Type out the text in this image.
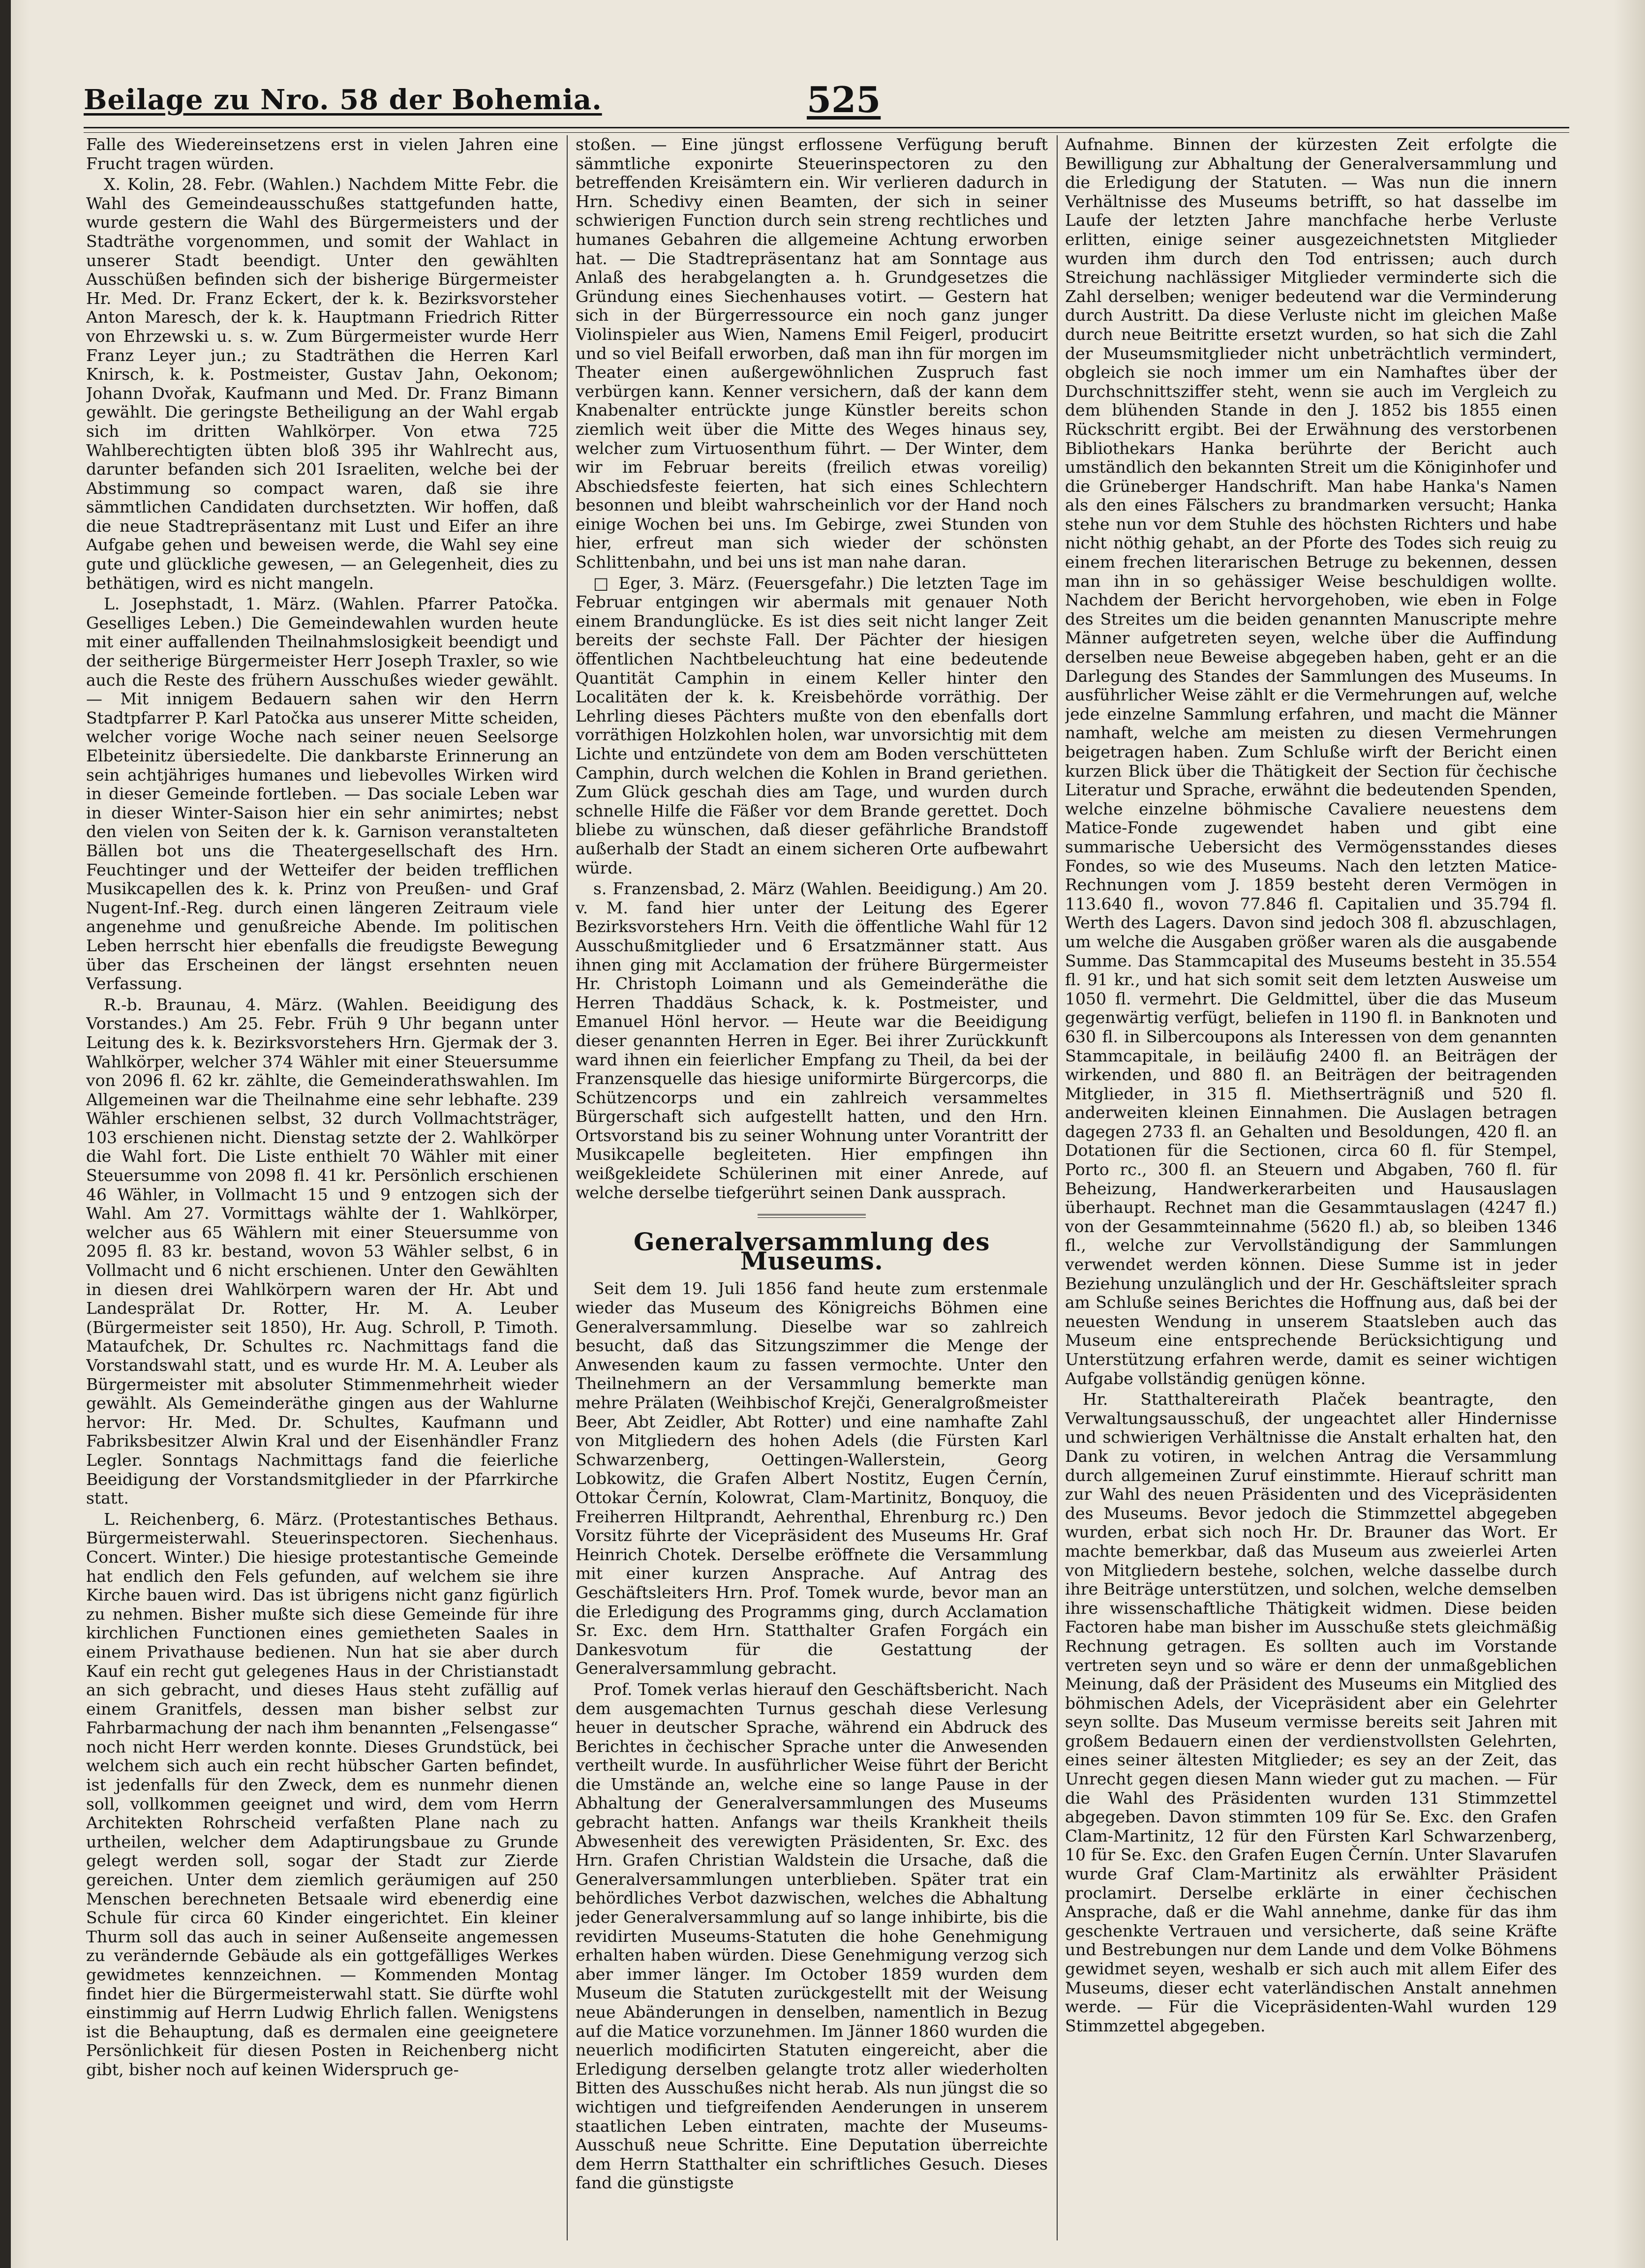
Beilage zu Nro. 58 der Bohemia.	525

Falle des Wiedereinsetzens erst in vielen Jahren eine Frucht tragen würden.

X. Kolin, 28. Febr. (Wahlen.) Nachdem Mitte Febr. die Wahl des Gemeindeausschußes stattgefunden hatte, wurde gestern die Wahl des Bürgermeisters und der Stadträthe vorgenommen, und somit der Wahlact in unserer Stadt beendigt. Unter den gewählten Ausschüßen befinden sich der bisherige Bürgermeister Hr. Med. Dr. Franz Eckert, der k. k. Bezirksvorsteher Anton Maresch, der k. k. Hauptmann Friedrich Ritter von Ehrzewski u. s. w. Zum Bürgermeister wurde Herr Franz Leyer jun.; zu Stadträthen die Herren Karl Knirsch, k. k. Postmeister, Gustav Jahn, Oekonom; Johann Dvořak, Kaufmann und Med. Dr. Franz Bimann gewählt. Die geringste Betheiligung an der Wahl ergab sich im dritten Wahlkörper. Von etwa 725 Wahlberechtigten übten bloß 395 ihr Wahlrecht aus, darunter befanden sich 201 Israeliten, welche bei der Abstimmung so compact waren, daß sie ihre sämmtlichen Candidaten durchsetzten. Wir hoffen, daß die neue Stadtrepräsentanz mit Lust und Eifer an ihre Aufgabe gehen und beweisen werde, die Wahl sey eine gute und glückliche gewesen, — an Gelegenheit, dies zu bethätigen, wird es nicht mangeln.

L. Josephstadt, 1. März. (Wahlen. Pfarrer Patočka. Geselliges Leben.) Die Gemeindewahlen wurden heute mit einer auffallenden Theilnahmslosigkeit beendigt und der seitherige Bürgermeister Herr Joseph Traxler, so wie auch die Reste des frühern Ausschußes wieder gewählt. — Mit innigem Bedauern sahen wir den Herrn Stadtpfarrer P. Karl Patočka aus unserer Mitte scheiden, welcher vorige Woche nach seiner neuen Seelsorge Elbeteinitz übersiedelte. Die dankbarste Erinnerung an sein achtjähriges humanes und liebevolles Wirken wird in dieser Gemeinde fortleben. — Das sociale Leben war in dieser Winter-Saison hier ein sehr animirtes; nebst den vielen von Seiten der k. k. Garnison veranstalteten Bällen bot uns die Theatergesellschaft des Hrn. Feuchtinger und der Wetteifer der beiden trefflichen Musikcapellen des k. k. Prinz von Preußen- und Graf Nugent-Inf.-Reg. durch einen längeren Zeitraum viele angenehme und genußreiche Abende. Im politischen Leben herrscht hier ebenfalls die freudigste Bewegung über das Erscheinen der längst ersehnten neuen Verfassung.

R.-b. Braunau, 4. März. (Wahlen. Beeidigung des Vorstandes.) Am 25. Febr. Früh 9 Uhr begann unter Leitung des k. k. Bezirksvorstehers Hrn. Gjermak der 3. Wahlkörper, welcher 374 Wähler mit einer Steuersumme von 2096 fl. 62 kr. zählte, die Gemeinderathswahlen. Im Allgemeinen war die Theilnahme eine sehr lebhafte. 239 Wähler erschienen selbst, 32 durch Vollmachtsträger, 103 erschienen nicht. Dienstag setzte der 2. Wahlkörper die Wahl fort. Die Liste enthielt 70 Wähler mit einer Steuersumme von 2098 fl. 41 kr. Persönlich erschienen 46 Wähler, in Vollmacht 15 und 9 entzogen sich der Wahl. Am 27. Vormittags wählte der 1. Wahlkörper, welcher aus 65 Wählern mit einer Steuersumme von 2095 fl. 83 kr. bestand, wovon 53 Wähler selbst, 6 in Vollmacht und 6 nicht erschienen. Unter den Gewählten in diesen drei Wahlkörpern waren der Hr. Abt und Landesprälat Dr. Rotter, Hr. M. A. Leuber (Bürgermeister seit 1850), Hr. Aug. Schroll, P. Timoth. Mataufchek, Dr. Schultes rc. Nachmittags fand die Vorstandswahl statt, und es wurde Hr. M. A. Leuber als Bürgermeister mit absoluter Stimmenmehrheit wieder gewählt. Als Gemeinderäthe gingen aus der Wahlurne hervor: Hr. Med. Dr. Schultes, Kaufmann und Fabriksbesitzer Alwin Kral und der Eisenhändler Franz Legler. Sonntags Nachmittags fand die feierliche Beeidigung der Vorstandsmitglieder in der Pfarrkirche statt.

L. Reichenberg, 6. März. (Protestantisches Bethaus. Bürgermeisterwahl. Steuerinspectoren. Siechenhaus. Concert. Winter.) Die hiesige protestantische Gemeinde hat endlich den Fels gefunden, auf welchem sie ihre Kirche bauen wird. Das ist übrigens nicht ganz figürlich zu nehmen. Bisher mußte sich diese Gemeinde für ihre kirchlichen Functionen eines gemietheten Saales in einem Privathause bedienen. Nun hat sie aber durch Kauf ein recht gut gelegenes Haus in der Christianstadt an sich gebracht, und dieses Haus steht zufällig auf einem Granitfels, dessen man bisher selbst zur Fahrbarmachung der nach ihm benannten „Felsengasse“ noch nicht Herr werden konnte. Dieses Grundstück, bei welchem sich auch ein recht hübscher Garten befindet, ist jedenfalls für den Zweck, dem es nunmehr dienen soll, vollkommen geeignet und wird, dem vom Herrn Architekten Rohrscheid verfaßten Plane nach zu urtheilen, welcher dem Adaptirungsbaue zu Grunde gelegt werden soll, sogar der Stadt zur Zierde gereichen. Unter dem ziemlich geräumigen auf 250 Menschen berechneten Betsaale wird ebenerdig eine Schule für circa 60 Kinder eingerichtet. Ein kleiner Thurm soll das auch in seiner Außenseite angemessen zu verändernde Gebäude als ein gottgefälliges Werkes gewidmetes kennzeichnen. — Kommenden Montag findet hier die Bürgermeisterwahl statt. Sie dürfte wohl einstimmig auf Herrn Ludwig Ehrlich fallen. Wenigstens ist die Behauptung, daß es dermalen eine geeignetere Persönlichkeit für diesen Posten in Reichenberg nicht gibt, bisher noch auf keinen Widerspruch ge-

stoßen. — Eine jüngst erflossene Verfügung beruft sämmtliche exponirte Steuerinspectoren zu den betreffenden Kreisämtern ein. Wir verlieren dadurch in Hrn. Schedivy einen Beamten, der sich in seiner schwierigen Function durch sein streng rechtliches und humanes Gebahren die allgemeine Achtung erworben hat. — Die Stadtrepräsentanz hat am Sonntage aus Anlaß des herabgelangten a. h. Grundgesetzes die Gründung eines Siechenhauses votirt. — Gestern hat sich in der Bürgerressource ein noch ganz junger Violinspieler aus Wien, Namens Emil Feigerl, producirt und so viel Beifall erworben, daß man ihn für morgen im Theater einen außergewöhnlichen Zuspruch fast verbürgen kann. Kenner versichern, daß der kann dem Knabenalter entrückte junge Künstler bereits schon ziemlich weit über die Mitte des Weges hinaus sey, welcher zum Virtuosenthum führt. — Der Winter, dem wir im Februar bereits (freilich etwas voreilig) Abschiedsfeste feierten, hat sich eines Schlechtern besonnen und bleibt wahrscheinlich vor der Hand noch einige Wochen bei uns. Im Gebirge, zwei Stunden von hier, erfreut man sich wieder der schönsten Schlittenbahn, und bei uns ist man nahe daran.

□ Eger, 3. März. (Feuersgefahr.) Die letzten Tage im Februar entgingen wir abermals mit genauer Noth einem Brandunglücke. Es ist dies seit nicht langer Zeit bereits der sechste Fall. Der Pächter der hiesigen öffentlichen Nachtbeleuchtung hat eine bedeutende Quantität Camphin in einem Keller hinter den Localitäten der k. k. Kreisbehörde vorräthig. Der Lehrling dieses Pächters mußte von den ebenfalls dort vorräthigen Holzkohlen holen, war unvorsichtig mit dem Lichte und entzündete von dem am Boden verschütteten Camphin, durch welchen die Kohlen in Brand geriethen. Zum Glück geschah dies am Tage, und wurden durch schnelle Hilfe die Fäßer vor dem Brande gerettet. Doch bliebe zu wünschen, daß dieser gefährliche Brandstoff außerhalb der Stadt an einem sicheren Orte aufbewahrt würde.

s. Franzensbad, 2. März (Wahlen. Beeidigung.) Am 20. v. M. fand hier unter der Leitung des Egerer Bezirksvorstehers Hrn. Veith die öffentliche Wahl für 12 Ausschußmitglieder und 6 Ersatzmänner statt. Aus ihnen ging mit Acclamation der frühere Bürgermeister Hr. Christoph Loimann und als Gemeinderäthe die Herren Thaddäus Schack, k. k. Postmeister, und Emanuel Hönl hervor. — Heute war die Beeidigung dieser genannten Herren in Eger. Bei ihrer Zurückkunft ward ihnen ein feierlicher Empfang zu Theil, da bei der Franzensquelle das hiesige uniformirte Bürgercorps, die Schützencorps und ein zahlreich versammeltes Bürgerschaft sich aufgestellt hatten, und den Hrn. Ortsvorstand bis zu seiner Wohnung unter Vorantritt der Musikcapelle begleiteten. Hier empfingen ihn weißgekleidete Schülerinen mit einer Anrede, auf welche derselbe tiefgerührt seinen Dank aussprach.

Generalversammlung des Museums.

Seit dem 19. Juli 1856 fand heute zum erstenmale wieder das Museum des Königreichs Böhmen eine Generalversammlung. Dieselbe war so zahlreich besucht, daß das Sitzungszimmer die Menge der Anwesenden kaum zu fassen vermochte. Unter den Theilnehmern an der Versammlung bemerkte man mehre Prälaten (Weihbischof Krejči, Generalgroßmeister Beer, Abt Zeidler, Abt Rotter) und eine namhafte Zahl von Mitgliedern des hohen Adels (die Fürsten Karl Schwarzenberg, Oettingen-Wallerstein, Georg Lobkowitz, die Grafen Albert Nostitz, Eugen Černín, Ottokar Černín, Kolowrat, Clam-Martinitz, Bonquoy, die Freiherren Hiltprandt, Aehrenthal, Ehrenburg rc.) Den Vorsitz führte der Vicepräsident des Museums Hr. Graf Heinrich Chotek. Derselbe eröffnete die Versammlung mit einer kurzen Ansprache. Auf Antrag des Geschäftsleiters Hrn. Prof. Tomek wurde, bevor man an die Erledigung des Programms ging, durch Acclamation Sr. Exc. dem Hrn. Statthalter Grafen Forgách ein Dankesvotum für die Gestattung der Generalversammlung gebracht.

Prof. Tomek verlas hierauf den Geschäftsbericht. Nach dem ausgemachten Turnus geschah diese Verlesung heuer in deutscher Sprache, während ein Abdruck des Berichtes in čechischer Sprache unter die Anwesenden vertheilt wurde. In ausführlicher Weise führt der Bericht die Umstände an, welche eine so lange Pause in der Abhaltung der Generalversammlungen des Museums gebracht hatten. Anfangs war theils Krankheit theils Abwesenheit des verewigten Präsidenten, Sr. Exc. des Hrn. Grafen Christian Waldstein die Ursache, daß die Generalversammlungen unterblieben. Später trat ein behördliches Verbot dazwischen, welches die Abhaltung jeder Generalversammlung auf so lange inhibirte, bis die revidirten Museums-Statuten die hohe Genehmigung erhalten haben würden. Diese Genehmigung verzog sich aber immer länger. Im October 1859 wurden dem Museum die Statuten zurückgestellt mit der Weisung neue Abänderungen in denselben, namentlich in Bezug auf die Matice vorzunehmen. Im Jänner 1860 wurden die neuerlich modificirten Statuten eingereicht, aber die Erledigung derselben gelangte trotz aller wiederholten Bitten des Ausschußes nicht herab. Als nun jüngst die so wichtigen und tiefgreifenden Aenderungen in unserem staatlichen Leben eintraten, machte der Museums-Ausschuß neue Schritte. Eine Deputation überreichte dem Herrn Statthalter ein schriftliches Gesuch. Dieses fand die günstigste

Aufnahme. Binnen der kürzesten Zeit erfolgte die Bewilligung zur Abhaltung der Generalversammlung und die Erledigung der Statuten. — Was nun die innern Verhältnisse des Museums betrifft, so hat dasselbe im Laufe der letzten Jahre manchfache herbe Verluste erlitten, einige seiner ausgezeichnetsten Mitglieder wurden ihm durch den Tod entrissen; auch durch Streichung nachlässiger Mitglieder verminderte sich die Zahl derselben; weniger bedeutend war die Verminderung durch Austritt. Da diese Verluste nicht im gleichen Maße durch neue Beitritte ersetzt wurden, so hat sich die Zahl der Museumsmitglieder nicht unbeträchtlich vermindert, obgleich sie noch immer um ein Namhaftes über der Durchschnittsziffer steht, wenn sie auch im Vergleich zu dem blühenden Stande in den J. 1852 bis 1855 einen Rückschritt ergibt. Bei der Erwähnung des verstorbenen Bibliothekars Hanka berührte der Bericht auch umständlich den bekannten Streit um die Königinhofer und die Grüneberger Handschrift. Man habe Hanka's Namen als den eines Fälschers zu brandmarken versucht; Hanka stehe nun vor dem Stuhle des höchsten Richters und habe nicht nöthig gehabt, an der Pforte des Todes sich reuig zu einem frechen literarischen Betruge zu bekennen, dessen man ihn in so gehässiger Weise beschuldigen wollte. Nachdem der Bericht hervorgehoben, wie eben in Folge des Streites um die beiden genannten Manuscripte mehre Männer aufgetreten seyen, welche über die Auffindung derselben neue Beweise abgegeben haben, geht er an die Darlegung des Standes der Sammlungen des Museums. In ausführlicher Weise zählt er die Vermehrungen auf, welche jede einzelne Sammlung erfahren, und macht die Männer namhaft, welche am meisten zu diesen Vermehrungen beigetragen haben. Zum Schluße wirft der Bericht einen kurzen Blick über die Thätigkeit der Section für čechische Literatur und Sprache, erwähnt die bedeutenden Spenden, welche einzelne böhmische Cavaliere neuestens dem Matice-Fonde zugewendet haben und gibt eine summarische Uebersicht des Vermögensstandes dieses Fondes, so wie des Museums. Nach den letzten Matice-Rechnungen vom J. 1859 besteht deren Vermögen in 113.640 fl., wovon 77.846 fl. Capitalien und 35.794 fl. Werth des Lagers. Davon sind jedoch 308 fl. abzuschlagen, um welche die Ausgaben größer waren als die ausgabende Summe. Das Stammcapital des Museums besteht in 35.554 fl. 91 kr., und hat sich somit seit dem letzten Ausweise um 1050 fl. vermehrt. Die Geldmittel, über die das Museum gegenwärtig verfügt, beliefen in 1190 fl. in Banknoten und 630 fl. in Silbercoupons als Interessen von dem genannten Stammcapitale, in beiläufig 2400 fl. an Beiträgen der wirkenden, und 880 fl. an Beiträgen der beitragenden Mitglieder, in 315 fl. Miethserträgniß und 520 fl. anderweiten kleinen Einnahmen. Die Auslagen betragen dagegen 2733 fl. an Gehalten und Besoldungen, 420 fl. an Dotationen für die Sectionen, circa 60 fl. für Stempel, Porto rc., 300 fl. an Steuern und Abgaben, 760 fl. für Beheizung, Handwerkerarbeiten und Hausauslagen überhaupt. Rechnet man die Gesammtauslagen (4247 fl.) von der Gesammteinnahme (5620 fl.) ab, so bleiben 1346 fl., welche zur Vervollständigung der Sammlungen verwendet werden können. Diese Summe ist in jeder Beziehung unzulänglich und der Hr. Geschäftsleiter sprach am Schluße seines Berichtes die Hoffnung aus, daß bei der neuesten Wendung in unserem Staatsleben auch das Museum eine entsprechende Berücksichtigung und Unterstützung erfahren werde, damit es seiner wichtigen Aufgabe vollständig genügen könne.

Hr. Statthaltereirath Plaček beantragte, den Verwaltungsausschuß, der ungeachtet aller Hindernisse und schwierigen Verhältnisse die Anstalt erhalten hat, den Dank zu votiren, in welchen Antrag die Versammlung durch allgemeinen Zuruf einstimmte. Hierauf schritt man zur Wahl des neuen Präsidenten und des Vicepräsidenten des Museums. Bevor jedoch die Stimmzettel abgegeben wurden, erbat sich noch Hr. Dr. Brauner das Wort. Er machte bemerkbar, daß das Museum aus zweierlei Arten von Mitgliedern bestehe, solchen, welche dasselbe durch ihre Beiträge unterstützen, und solchen, welche demselben ihre wissenschaftliche Thätigkeit widmen. Diese beiden Factoren habe man bisher im Ausschuße stets gleichmäßig Rechnung getragen. Es sollten auch im Vorstande vertreten seyn und so wäre er denn der unmaßgeblichen Meinung, daß der Präsident des Museums ein Mitglied des böhmischen Adels, der Vicepräsident aber ein Gelehrter seyn sollte. Das Museum vermisse bereits seit Jahren mit großem Bedauern einen der verdienstvollsten Gelehrten, eines seiner ältesten Mitglieder; es sey an der Zeit, das Unrecht gegen diesen Mann wieder gut zu machen. — Für die Wahl des Präsidenten wurden 131 Stimmzettel abgegeben. Davon stimmten 109 für Se. Exc. den Grafen Clam-Martinitz, 12 für den Fürsten Karl Schwarzenberg, 10 für Se. Exc. den Grafen Eugen Černín. Unter Slavarufen wurde Graf Clam-Martinitz als erwählter Präsident proclamirt. Derselbe erklärte in einer čechischen Ansprache, daß er die Wahl annehme, danke für das ihm geschenkte Vertrauen und versicherte, daß seine Kräfte und Bestrebungen nur dem Lande und dem Volke Böhmens gewidmet seyen, weshalb er sich auch mit allem Eifer des Museums, dieser echt vaterländischen Anstalt annehmen werde. — Für die Vicepräsidenten-Wahl wurden 129 Stimmzettel abgegeben.
